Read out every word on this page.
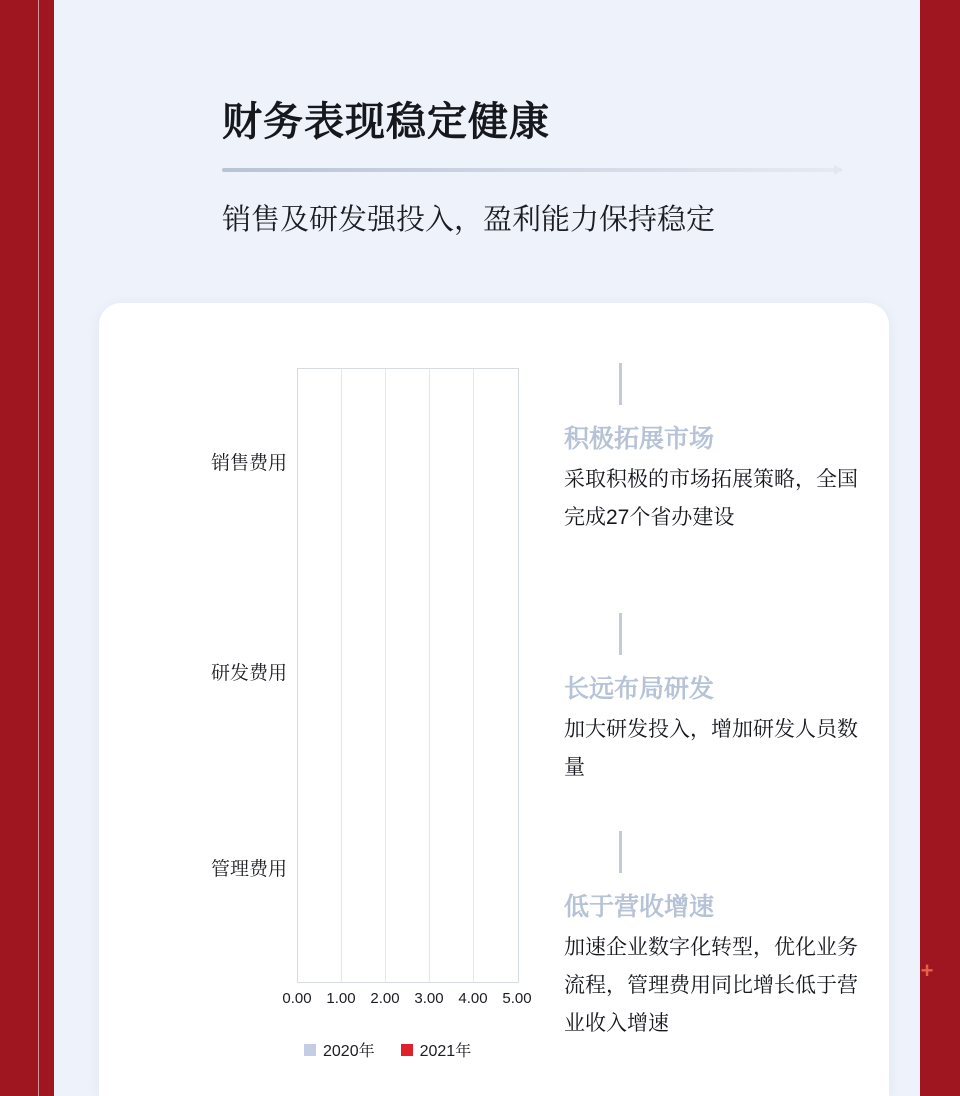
+
财务表现稳定健康
销售及研发强投入，盈利能力保持稳定
销售费用
研发费用
管理费用
0.00 1.00 2.00 3.00 4.00 5.00
2020年	2021年
积极拓展市场
采取积极的市场拓展策略，全国完成27个省办建设
长远布局研发
加大研发投入，增加研发人员数量
低于营收增速
加速企业数字化转型，优化业务流程，管理费用同比增长低于营业收入增速
